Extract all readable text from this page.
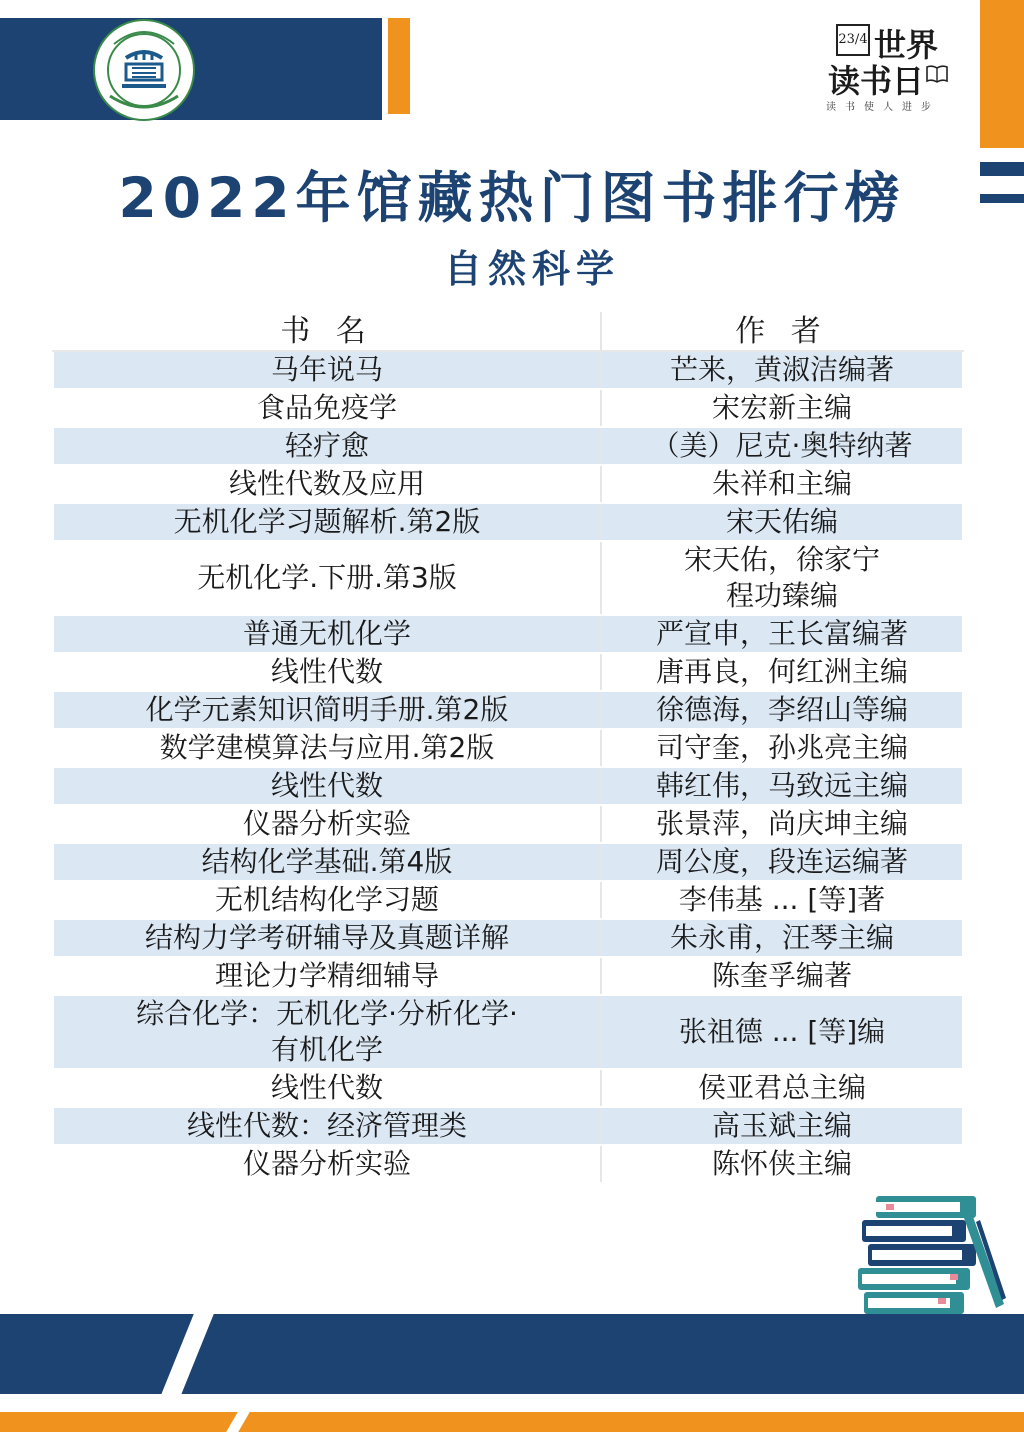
23/4 世界
读书日
读书使人进步
2022年馆藏热门图书排行榜
自然科学
书 名	作 者
马年说马	芒来，黄淑洁编著
食品免疫学	宋宏新主编
轻疗愈	（美）尼克·奥特纳著
线性代数及应用	朱祥和主编
无机化学习题解析.第2版	宋天佑编
无机化学.下册.第3版	宋天佑，徐家宁
程功臻编

普通无机化学	严宣申，王长富编著
线性代数	唐再良，何红洲主编
化学元素知识简明手册.第2版	徐德海，李绍山等编
数学建模算法与应用.第2版	司守奎，孙兆亮主编
线性代数	韩红伟，马致远主编
仪器分析实验	张景萍，尚庆坤主编
结构化学基础.第4版	周公度，段连运编著
无机结构化学习题	李伟基 ... [等]著
结构力学考研辅导及真题详解	朱永甫，汪琴主编
理论力学精细辅导	陈奎孚编著

综合化学：无机化学·分析化学·
有机化学	张祖德 ... [等]编
线性代数	侯亚君总主编
线性代数：经济管理类	高玉斌主编
仪器分析实验	陈怀侠主编
